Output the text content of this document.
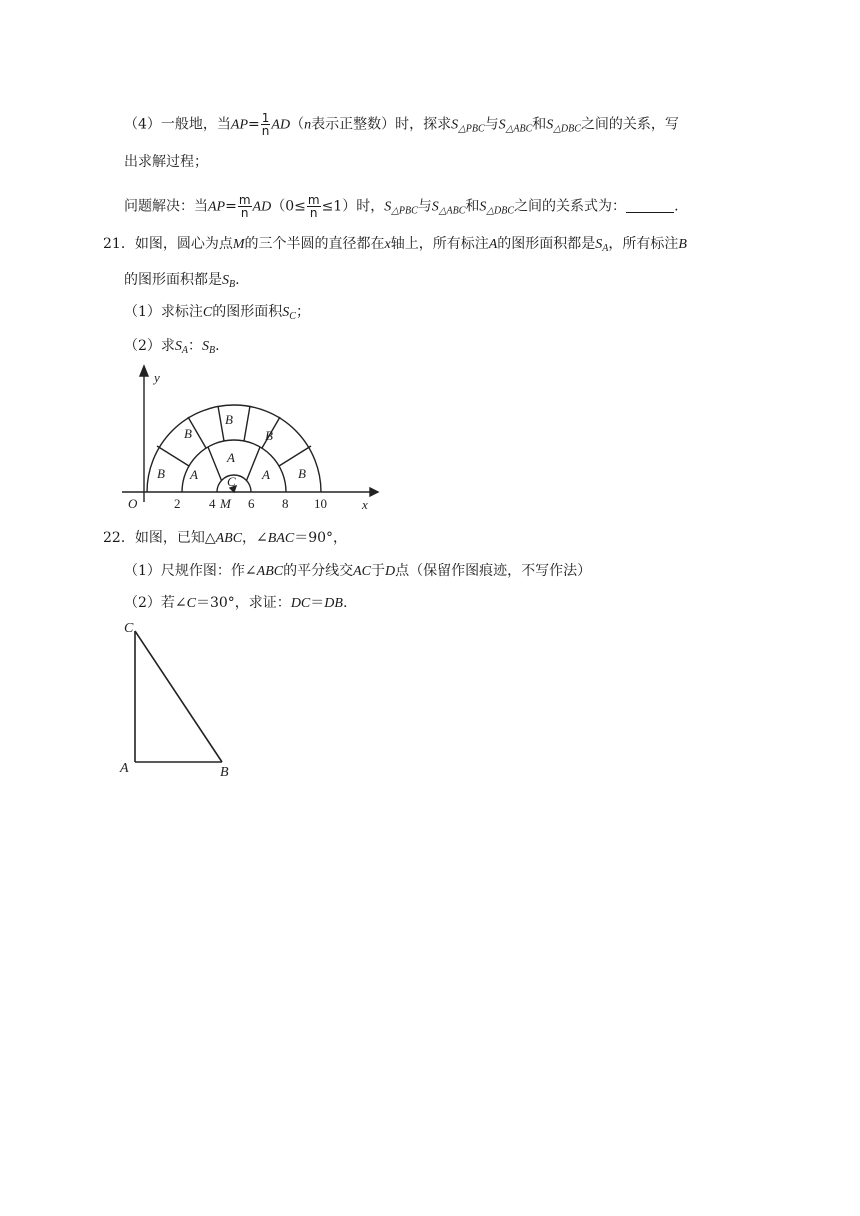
（4）一般地，当$AP= \frac{1}{n} AD(n$表示正整数）时，探求$S_{\triangle PBC}$与$S_{\triangle ABC}$和$S_{\triangle DBC}$之间的关系，写
出求解过程；
问题解决：当$AP= \frac{m}{n} AD(0\le \frac{m}{n} \le 1)$时，$S_{\triangle PBC}$与$S_{\triangle ABC}$和$S_{\triangle DBC}$之间的关系式为：	.
21．如图，圆心为点M的三个半圆的直径都在x轴上，所有标注A的图形面积都是$S_A$，所有标注B
的图形面积都是$S_B$.
（1）求标注C的图形面积$S_C$；
（2）求$S_A$：$S_B$.
y
x
O	2 4 M 6 8 10
C
A
A
A
B
B
B
B
B
22．如图，已知△ABC，∠BAC＝90°，
（1）尺规作图：作∠ABC的平分线交AC于D点（保留作图痕迹，不写作法）
（2）若∠C＝30°，求证：DC＝DB.
C
A	B
